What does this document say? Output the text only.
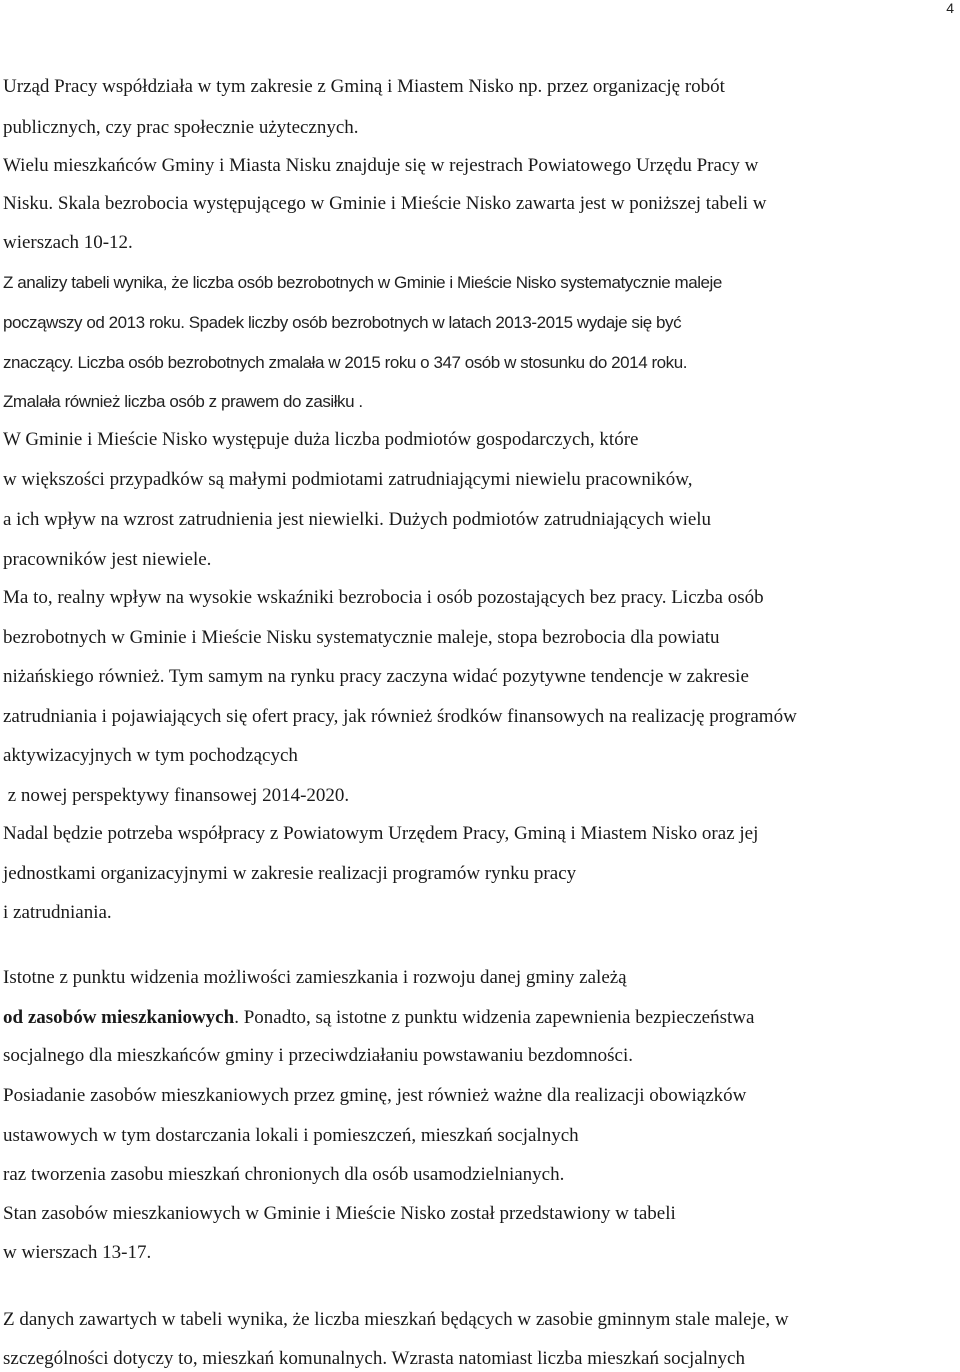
4
Urząd Pracy współdziała w tym zakresie z Gminą i Miastem Nisko np. przez organizację robót
publicznych, czy prac społecznie użytecznych.
Wielu mieszkańców Gminy i Miasta Nisku znajduje się w rejestrach Powiatowego Urzędu Pracy w
Nisku. Skala bezrobocia występującego w Gminie i Mieście Nisko zawarta jest w poniższej tabeli w
wierszach 10-12.
Z analizy tabeli wynika, że liczba osób bezrobotnych w Gminie i Mieście Nisko systematycznie maleje
począwszy od 2013 roku. Spadek liczby osób bezrobotnych w latach 2013-2015 wydaje się być
znaczący. Liczba osób bezrobotnych zmalała w 2015 roku o 347 osób w stosunku do 2014 roku.
Zmalała również liczba osób z prawem do zasiłku .
W Gminie i Mieście Nisko występuje duża liczba podmiotów gospodarczych, które
w większości przypadków są małymi podmiotami zatrudniającymi niewielu pracowników,
a ich wpływ na wzrost zatrudnienia jest niewielki. Dużych podmiotów zatrudniających wielu
pracowników jest niewiele.
Ma to, realny wpływ na wysokie wskaźniki bezrobocia i osób pozostających bez pracy. Liczba osób
bezrobotnych w Gminie i Mieście Nisku systematycznie maleje, stopa bezrobocia dla powiatu
niżańskiego również. Tym samym na rynku pracy zaczyna widać pozytywne tendencje w zakresie
zatrudniania i pojawiających się ofert pracy, jak również środków finansowych na realizację programów
aktywizacyjnych w tym pochodzących
z nowej perspektywy finansowej 2014-2020.
Nadal będzie potrzeba współpracy z Powiatowym Urzędem Pracy, Gminą i Miastem Nisko oraz jej
jednostkami organizacyjnymi w zakresie realizacji programów rynku pracy
i zatrudniania.
Istotne z punktu widzenia możliwości zamieszkania i rozwoju danej gminy zależą
od zasobów mieszkaniowych. Ponadto, są istotne z punktu widzenia zapewnienia bezpieczeństwa
socjalnego dla mieszkańców gminy i przeciwdziałaniu powstawaniu bezdomności.
Posiadanie zasobów mieszkaniowych przez gminę, jest również ważne dla realizacji obowiązków
ustawowych w tym dostarczania lokali i pomieszczeń, mieszkań socjalnych
raz tworzenia zasobu mieszkań chronionych dla osób usamodzielnianych.
Stan zasobów mieszkaniowych w Gminie i Mieście Nisko został przedstawiony w tabeli
w wierszach 13-17.
Z danych zawartych w tabeli wynika, że liczba mieszkań będących w zasobie gminnym stale maleje, w
szczególności dotyczy to, mieszkań komunalnych. Wzrasta natomiast liczba mieszkań socjalnych
